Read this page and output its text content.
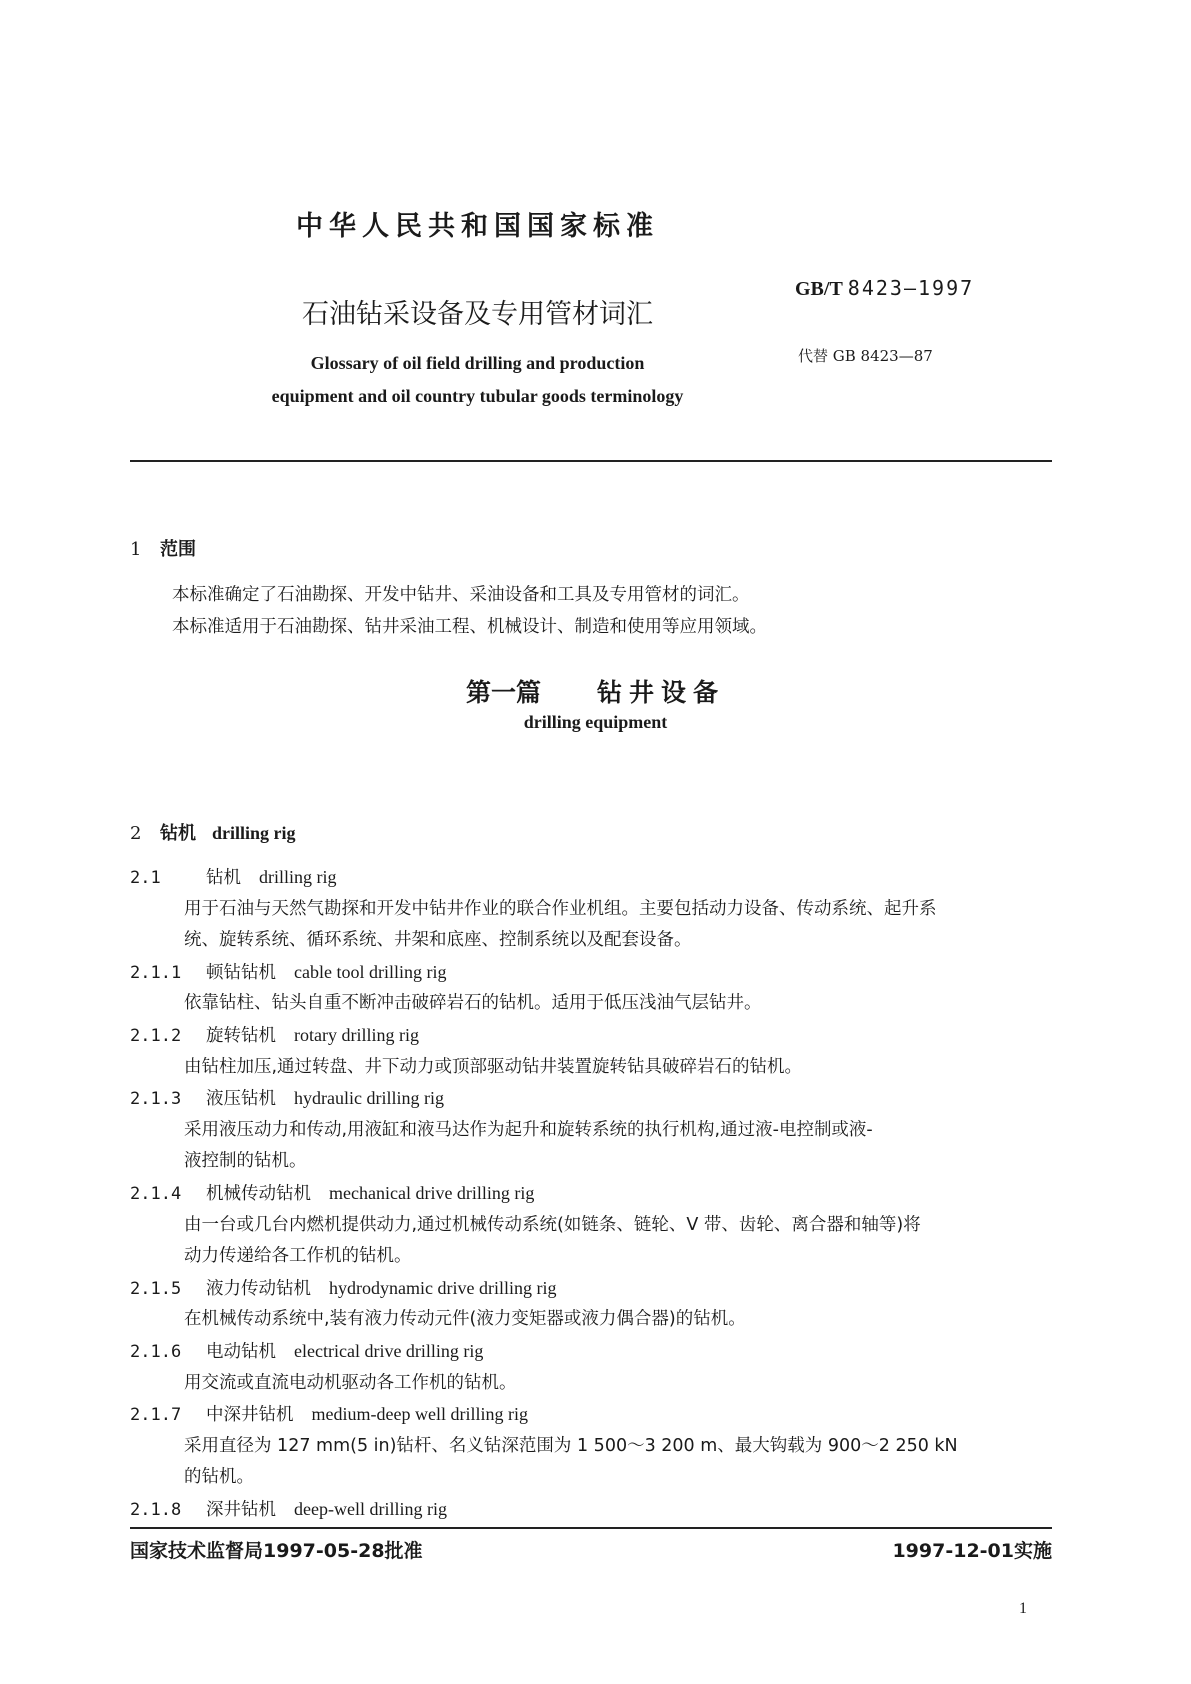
中华人民共和国国家标准
石油钻采设备及专用管材词汇
GB/T 8423—1997
代替 GB 8423—87
Glossary of oil field drilling and production
equipment and oil country tubular goods terminology
1 范围
本标准确定了石油勘探、开发中钻井、采油设备和工具及专用管材的词汇。
本标准适用于石油勘探、钻井采油工程、机械设计、制造和使用等应用领域。
第一篇 钻井设备
drilling equipment
2 钻机 drilling rig
2.1	钻机 drilling rig
用于石油与天然气勘探和开发中钻井作业的联合作业机组。主要包括动力设备、传动系统、起升系
统、旋转系统、循环系统、井架和底座、控制系统以及配套设备。
2.1.1 顿钻钻机 cable tool drilling rig
依靠钻柱、钻头自重不断冲击破碎岩石的钻机。适用于低压浅油气层钻井。
2.1.2 旋转钻机 rotary drilling rig
由钻柱加压,通过转盘、井下动力或顶部驱动钻井装置旋转钻具破碎岩石的钻机。
2.1.3 液压钻机 hydraulic drilling rig
采用液压动力和传动,用液缸和液马达作为起升和旋转系统的执行机构,通过液-电控制或液-
液控制的钻机。
2.1.4 机械传动钻机 mechanical drive drilling rig
由一台或几台内燃机提供动力,通过机械传动系统(如链条、链轮、V 带、齿轮、离合器和轴等)将
动力传递给各工作机的钻机。
2.1.5 液力传动钻机 hydrodynamic drive drilling rig
在机械传动系统中,装有液力传动元件(液力变矩器或液力偶合器)的钻机。
2.1.6 电动钻机 electrical drive drilling rig
用交流或直流电动机驱动各工作机的钻机。
2.1.7 中深井钻机 medium-deep well drilling rig
采用直径为 127 mm(5 in)钻杆、名义钻深范围为 1 500～3 200 m、最大钩载为 900～2 250 kN
的钻机。
2.1.8 深井钻机 deep-well drilling rig
国家技术监督局1997-05-28批准	1997-12-01实施
1
